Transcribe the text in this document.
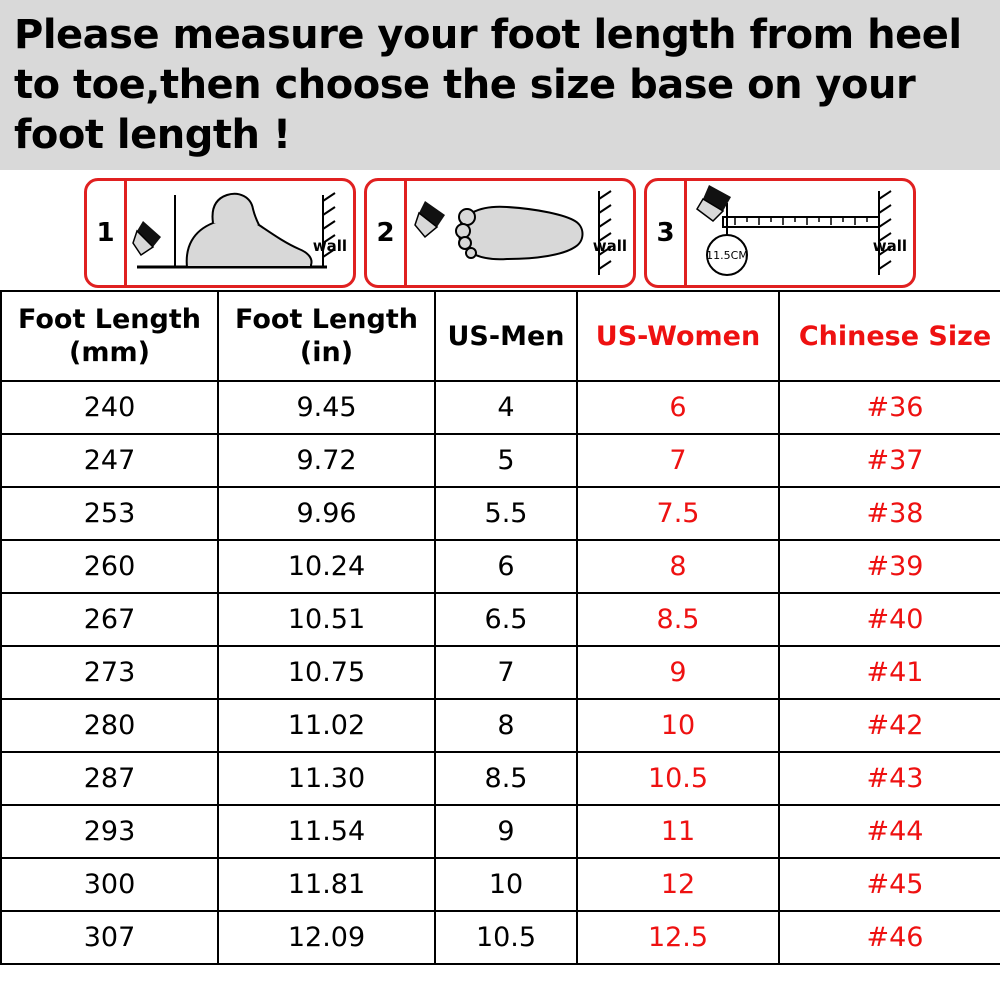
Please measure your foot length from heel to toe,then choose the size base on your foot length !
1	wall	2	wall	3
11.5CM
wall
Foot Length
(mm)

Foot Length
(in)

US-Men	US-Women	Chinese Size

240	9.45	4	6	#36
247	9.72	5	7	#37
253	9.96	5.5	7.5	#38
260	10.24	6	8	#39
267	10.51	6.5	8.5	#40
273	10.75	7	9	#41
280	11.02	8	10	#42
287	11.30	8.5	10.5	#43
293	11.54	9	11	#44
300	11.81	10	12	#45
307	12.09	10.5	12.5	#46
